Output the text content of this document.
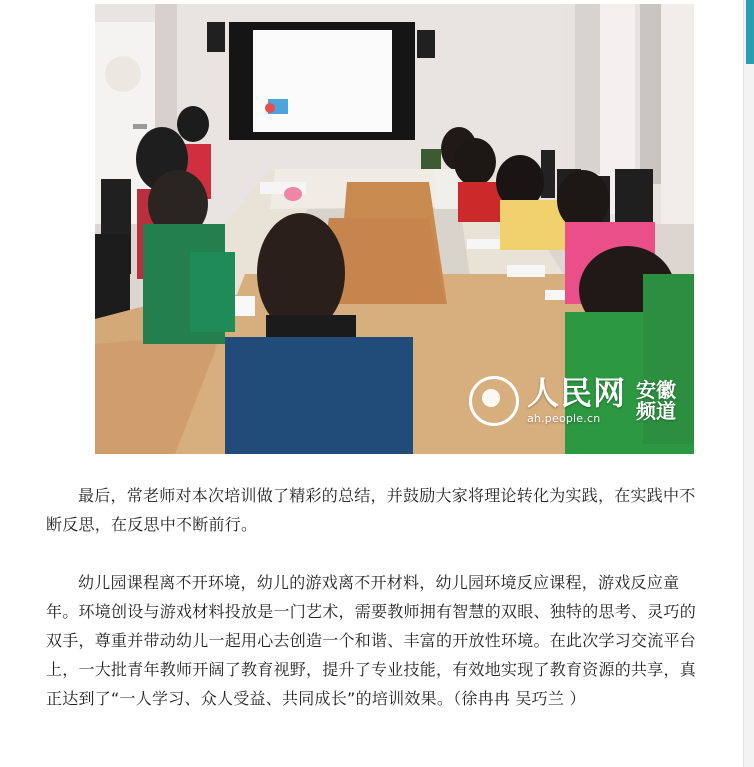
人民网
ah.people.cn
安徽
频道

最后，常老师对本次培训做了精彩的总结，并鼓励大家将理论转化为实践，在实践中不断反思，在反思中不断前行。

幼儿园课程离不开环境，幼儿的游戏离不开材料，幼儿园环境反应课程，游戏反应童年。环境创设与游戏材料投放是一门艺术，需要教师拥有智慧的双眼、独特的思考、灵巧的双手，尊重并带动幼儿一起用心去创造一个和谐、丰富的开放性环境。在此次学习交流平台上，一大批青年教师开阔了教育视野，提升了专业技能，有效地实现了教育资源的共享，真正达到了“一人学习、众人受益、共同成长”的培训效果。（徐冉冉 吴巧兰 ）
